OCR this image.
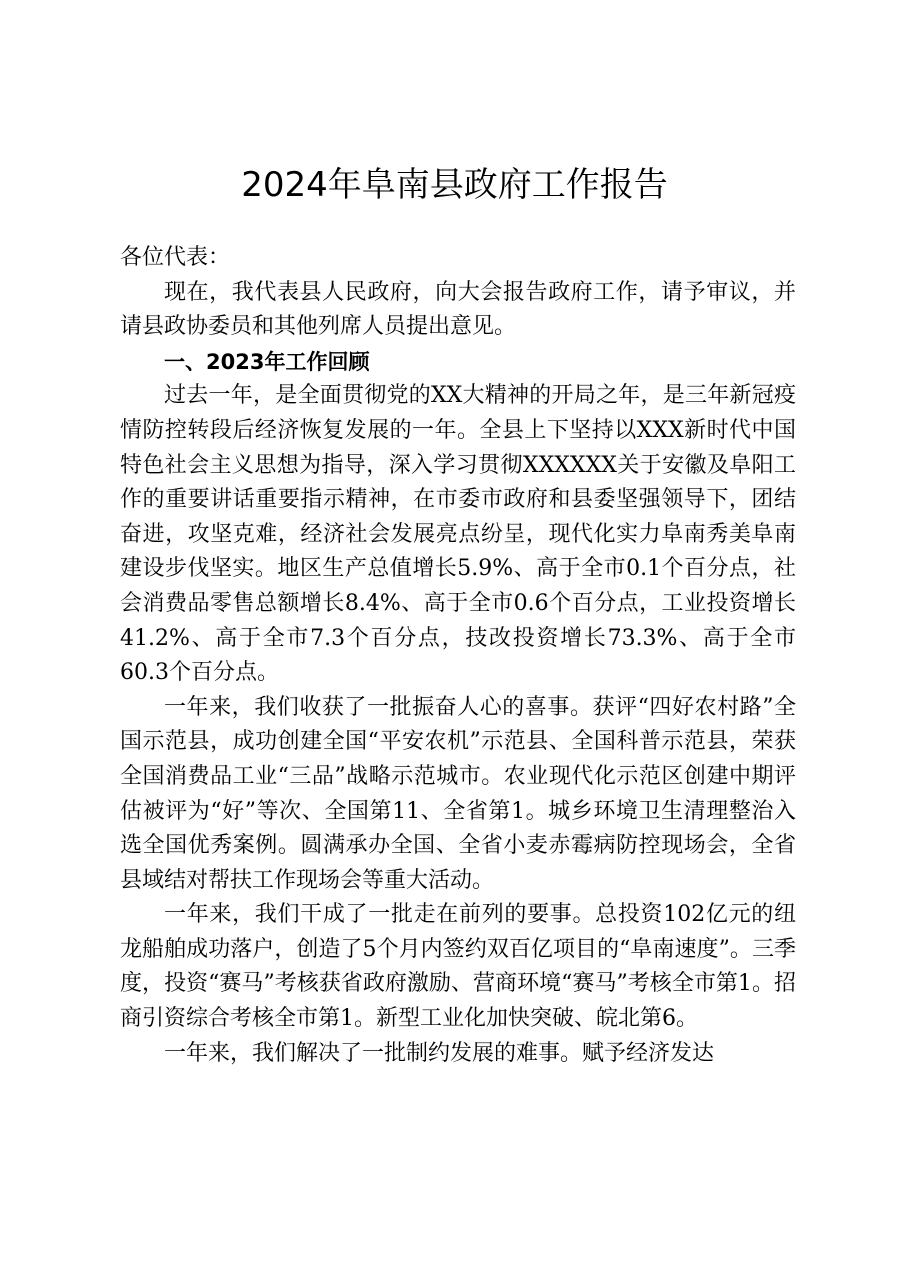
2024年阜南县政府工作报告

各位代表：

现在，我代表县人民政府，向大会报告政府工作，请予审议，并请县政协委员和其他列席人员提出意见。

一、2023年工作回顾

过去一年，是全面贯彻党的XX大精神的开局之年，是三年新冠疫情防控转段后经济恢复发展的一年。全县上下坚持以XXX新时代中国特色社会主义思想为指导，深入学习贯彻XXXXXX关于安徽及阜阳工作的重要讲话重要指示精神，在市委市政府和县委坚强领导下，团结奋进，攻坚克难，经济社会发展亮点纷呈，现代化实力阜南秀美阜南建设步伐坚实。地区生产总值增长5.9%、高于全市0.1个百分点，社会消费品零售总额增长8.4%、高于全市0.6个百分点，工业投资增长41.2%、高于全市7.3个百分点，技改投资增长73.3%、高于全市60.3个百分点。

一年来，我们收获了一批振奋人心的喜事。获评“四好农村路”全国示范县，成功创建全国“平安农机”示范县、全国科普示范县，荣获全国消费品工业“三品”战略示范城市。农业现代化示范区创建中期评估被评为“好”等次、全国第11、全省第1。城乡环境卫生清理整治入选全国优秀案例。圆满承办全国、全省小麦赤霉病防控现场会，全省县域结对帮扶工作现场会等重大活动。

一年来，我们干成了一批走在前列的要事。总投资102亿元的纽龙船舶成功落户，创造了5个月内签约双百亿项目的“阜南速度”。三季度，投资“赛马”考核获省政府激励、营商环境“赛马”考核全市第1。招商引资综合考核全市第1。新型工业化加快突破、皖北第6。

一年来，我们解决了一批制约发展的难事。赋予经济发达
